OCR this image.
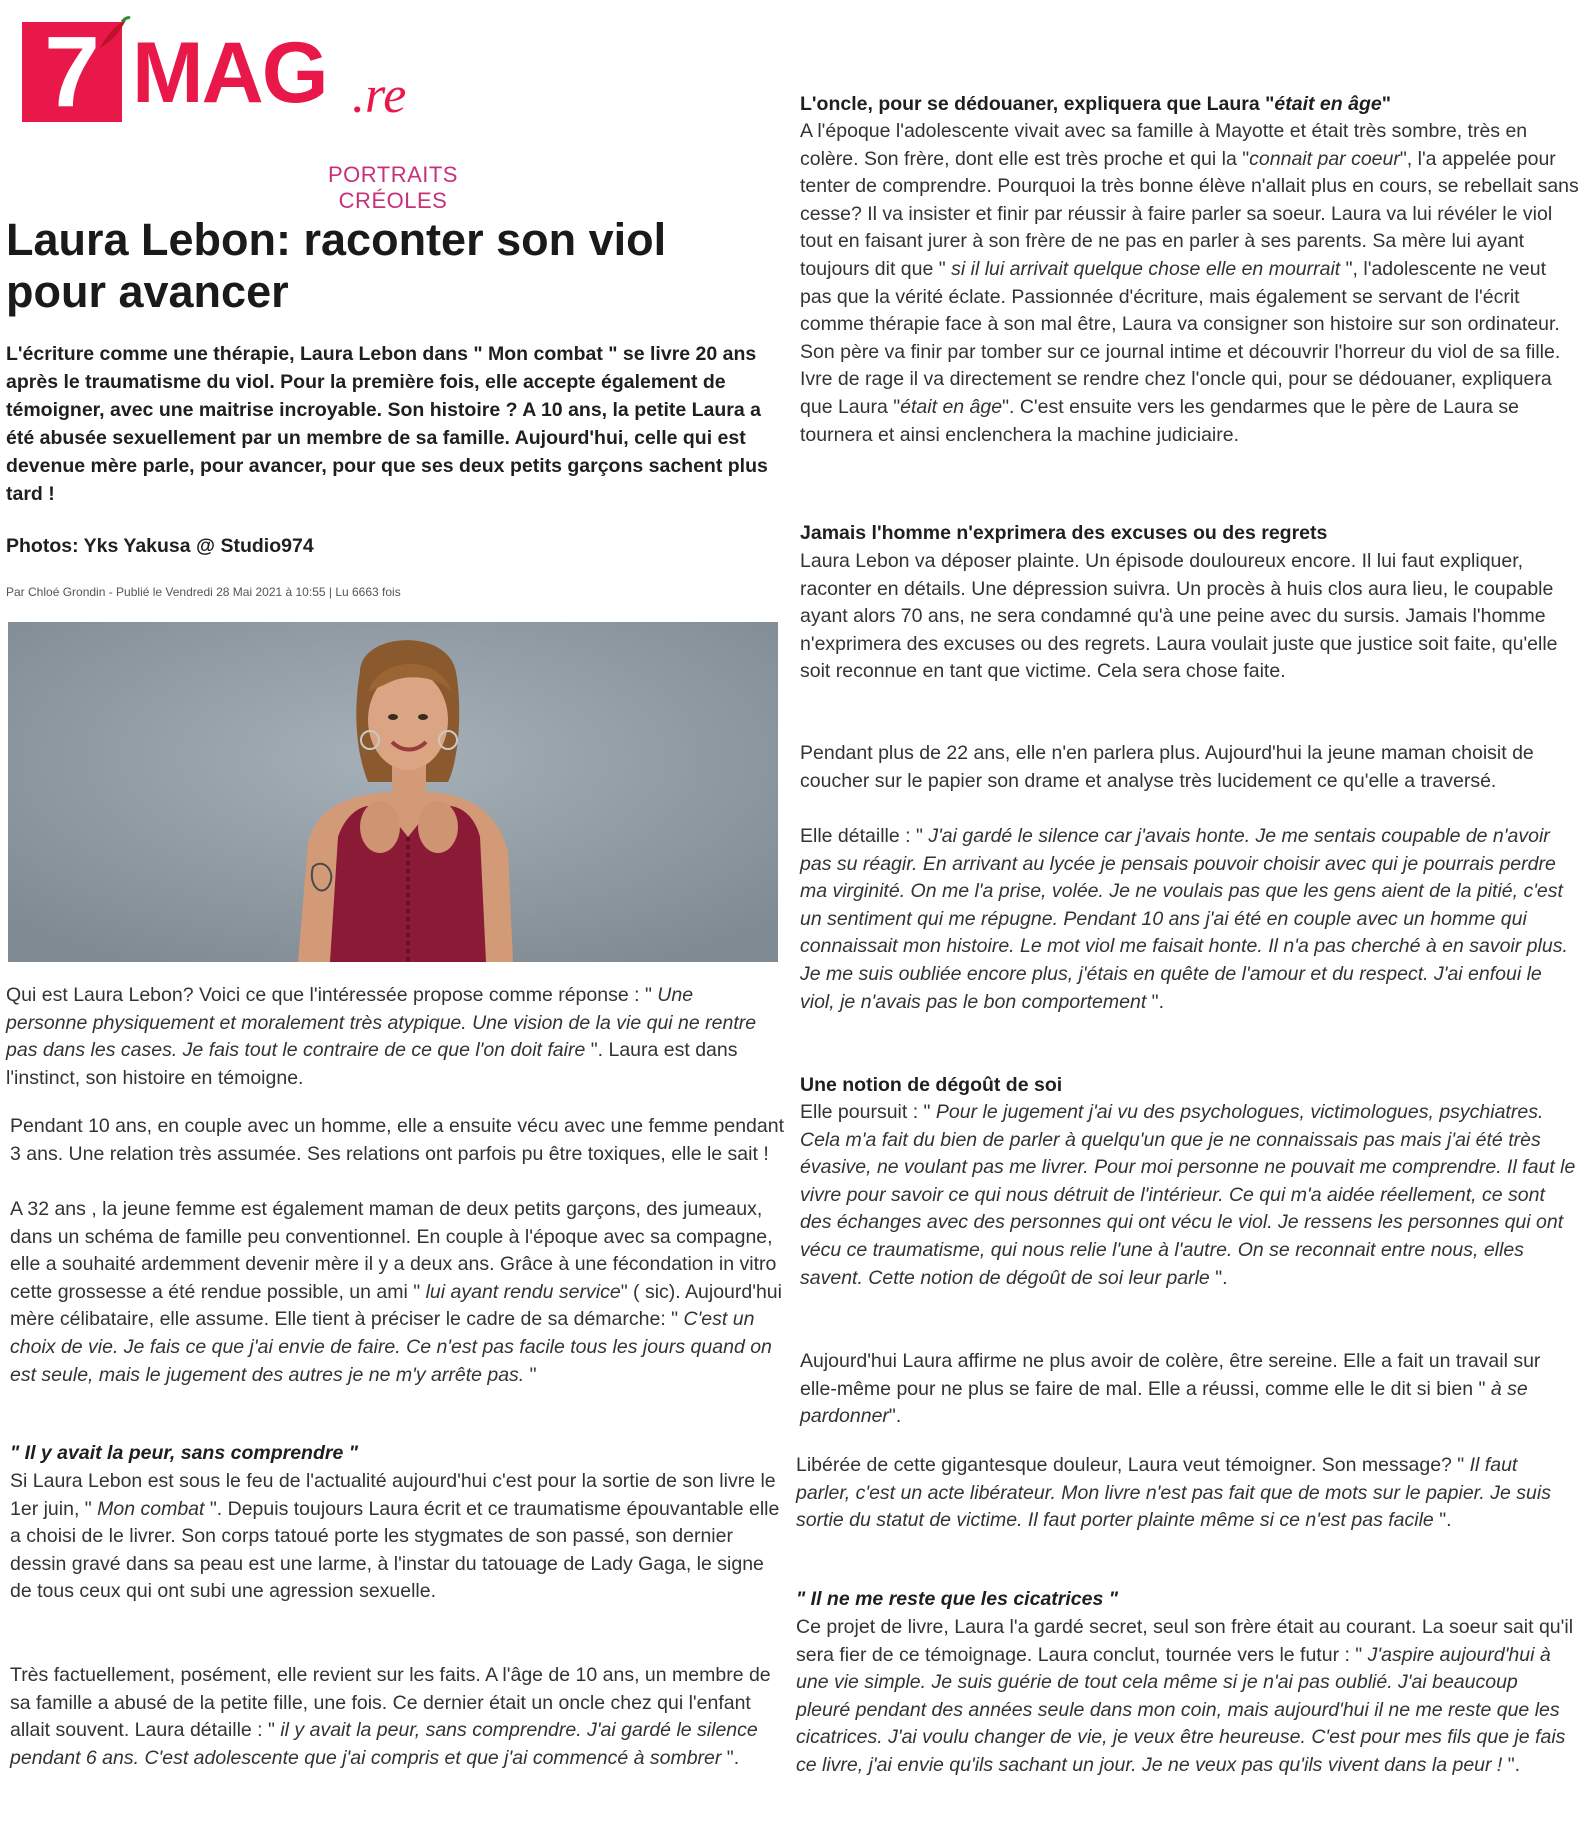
7 MAG .re
PORTRAITS CRÉOLES
Laura Lebon: raconter son viol pour avancer

L'écriture comme une thérapie, Laura Lebon dans " Mon combat " se livre 20 ans après le traumatisme du viol. Pour la première fois, elle accepte également de témoigner, avec une maitrise incroyable. Son histoire ? A 10 ans, la petite Laura a été abusée sexuellement par un membre de sa famille. Aujourd'hui, celle qui est devenue mère parle, pour avancer, pour que ses deux petits garçons sachent plus tard !

Photos: Yks Yakusa @ Studio974
Par Chloé Grondin - Publié le Vendredi 28 Mai 2021 à 10:55 | Lu 6663 fois

Qui est Laura Lebon? Voici ce que l'intéressée propose comme réponse : " Une personne physiquement et moralement très atypique. Une vision de la vie qui ne rentre pas dans les cases. Je fais tout le contraire de ce que l'on doit faire ". Laura est dans l'instinct, son histoire en témoigne.

Pendant 10 ans, en couple avec un homme, elle a ensuite vécu avec une femme pendant 3 ans. Une relation très assumée. Ses relations ont parfois pu être toxiques, elle le sait !

A 32 ans , la jeune femme est également maman de deux petits garçons, des jumeaux, dans un schéma de famille peu conventionnel. En couple à l'époque avec sa compagne, elle a souhaité ardemment devenir mère il y a deux ans. Grâce à une fécondation in vitro cette grossesse a été rendue possible, un ami " lui ayant rendu service" ( sic). Aujourd'hui mère célibataire, elle assume. Elle tient à préciser le cadre de sa démarche: " C'est un choix de vie. Je fais ce que j'ai envie de faire. Ce n'est pas facile tous les jours quand on est seule, mais le jugement des autres je ne m'y arrête pas. "

" Il y avait la peur, sans comprendre "

Si Laura Lebon est sous le feu de l'actualité aujourd'hui c'est pour la sortie de son livre le 1er juin, " Mon combat ". Depuis toujours Laura écrit et ce traumatisme épouvantable elle a choisi de le livrer. Son corps tatoué porte les stygmates de son passé, son dernier dessin gravé dans sa peau est une larme, à l'instar du tatouage de Lady Gaga, le signe de tous ceux qui ont subi une agression sexuelle.

Très factuellement, posément, elle revient sur les faits. A l'âge de 10 ans, un membre de sa famille a abusé de la petite fille, une fois. Ce dernier était un oncle chez qui l'enfant allait souvent. Laura détaille : " il y avait la peur, sans comprendre. J'ai gardé le silence pendant 6 ans. C'est adolescente que j'ai compris et que j'ai commencé à sombrer ".

L'oncle, pour se dédouaner, expliquera que Laura "était en âge"

A l'époque l'adolescente vivait avec sa famille à Mayotte et était très sombre, très en colère. Son frère, dont elle est très proche et qui la "connait par coeur", l'a appelée pour tenter de comprendre. Pourquoi la très bonne élève n'allait plus en cours, se rebellait sans cesse? Il va insister et finir par réussir à faire parler sa soeur. Laura va lui révéler le viol tout en faisant jurer à son frère de ne pas en parler à ses parents. Sa mère lui ayant toujours dit que " si il lui arrivait quelque chose elle en mourrait ", l'adolescente ne veut pas que la vérité éclate. Passionnée d'écriture, mais également se servant de l'écrit comme thérapie face à son mal être, Laura va consigner son histoire sur son ordinateur. Son père va finir par tomber sur ce journal intime et découvrir l'horreur du viol de sa fille. Ivre de rage il va directement se rendre chez l'oncle qui, pour se dédouaner, expliquera que Laura "était en âge". C'est ensuite vers les gendarmes que le père de Laura se tournera et ainsi enclenchera la machine judiciaire.

Jamais l'homme n'exprimera des excuses ou des regrets

Laura Lebon va déposer plainte. Un épisode douloureux encore. Il lui faut expliquer, raconter en détails. Une dépression suivra. Un procès à huis clos aura lieu, le coupable ayant alors 70 ans, ne sera condamné qu'à une peine avec du sursis. Jamais l'homme n'exprimera des excuses ou des regrets. Laura voulait juste que justice soit faite, qu'elle soit reconnue en tant que victime. Cela sera chose faite.

Pendant plus de 22 ans, elle n'en parlera plus. Aujourd'hui la jeune maman choisit de coucher sur le papier son drame et analyse très lucidement ce qu'elle a traversé.

Elle détaille : " J'ai gardé le silence car j'avais honte. Je me sentais coupable de n'avoir pas su réagir. En arrivant au lycée je pensais pouvoir choisir avec qui je pourrais perdre ma virginité. On me l'a prise, volée. Je ne voulais pas que les gens aient de la pitié, c'est un sentiment qui me répugne. Pendant 10 ans j'ai été en couple avec un homme qui connaissait mon histoire. Le mot viol me faisait honte. Il n'a pas cherché à en savoir plus. Je me suis oubliée encore plus, j'étais en quête de l'amour et du respect. J'ai enfoui le viol, je n'avais pas le bon comportement ".

Une notion de dégoût de soi

Elle poursuit : " Pour le jugement j'ai vu des psychologues, victimologues, psychiatres. Cela m'a fait du bien de parler à quelqu'un que je ne connaissais pas mais j'ai été très évasive, ne voulant pas me livrer. Pour moi personne ne pouvait me comprendre. Il faut le vivre pour savoir ce qui nous détruit de l'intérieur. Ce qui m'a aidée réellement, ce sont des échanges avec des personnes qui ont vécu le viol. Je ressens les personnes qui ont vécu ce traumatisme, qui nous relie l'une à l'autre. On se reconnait entre nous, elles savent. Cette notion de dégoût de soi leur parle ".

Aujourd'hui Laura affirme ne plus avoir de colère, être sereine. Elle a fait un travail sur elle-même pour ne plus se faire de mal. Elle a réussi, comme elle le dit si bien " à se pardonner".

Libérée de cette gigantesque douleur, Laura veut témoigner. Son message? " Il faut parler, c'est un acte libérateur. Mon livre n'est pas fait que de mots sur le papier. Je suis sortie du statut de victime. Il faut porter plainte même si ce n'est pas facile ".

" Il ne me reste que les cicatrices "

Ce projet de livre, Laura l'a gardé secret, seul son frère était au courant. La soeur sait qu'il sera fier de ce témoignage. Laura conclut, tournée vers le futur : " J'aspire aujourd'hui à une vie simple. Je suis guérie de tout cela même si je n'ai pas oublié. J'ai beaucoup pleuré pendant des années seule dans mon coin, mais aujourd'hui il ne me reste que les cicatrices. J'ai voulu changer de vie, je veux être heureuse. C'est pour mes fils que je fais ce livre, j'ai envie qu'ils sachant un jour. Je ne veux pas qu'ils vivent dans la peur ! ".
